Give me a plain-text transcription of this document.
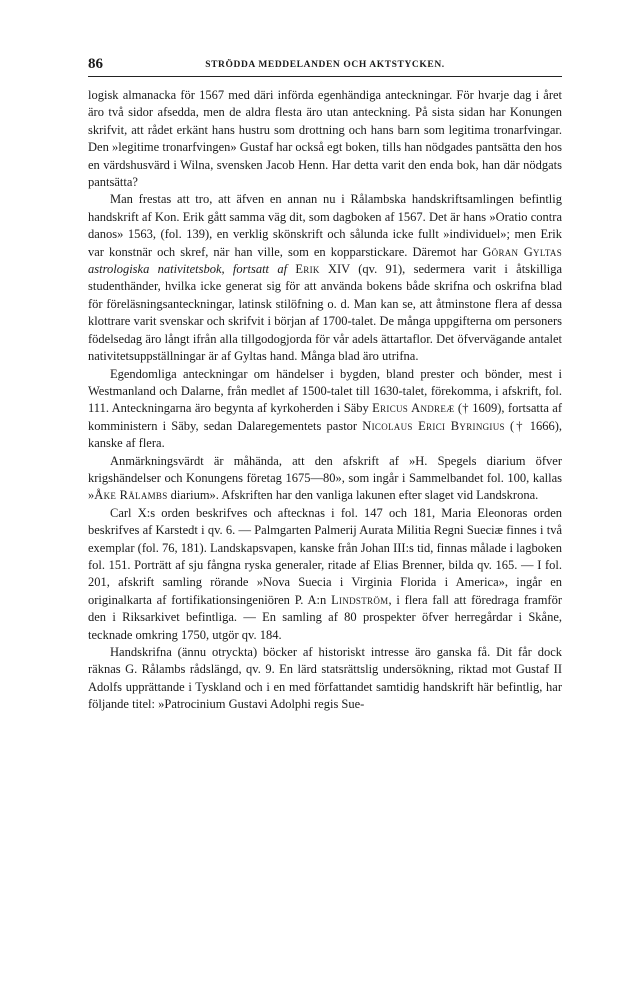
86	STRÖDDA MEDDELANDEN OCH AKTSTYCKEN.

logisk almanacka för 1567 med däri införda egenhändiga anteckningar. För hvarje dag i året äro två sidor afsedda, men de aldra flesta äro utan anteckning. På sista sidan har Konungen skrifvit, att rådet erkänt hans hustru som drottning och hans barn som legitima tronarfvingar. Den »legitime tronarfvingen» Gustaf har också egt boken, tills han nödgades pantsätta den hos en värdshusvärd i Wilna, svensken Jacob Henn. Har detta varit den enda bok, han där nödgats pantsätta?

Man frestas att tro, att äfven en annan nu i Rålambska handskriftsamlingen befintlig handskrift af Kon. Erik gått samma väg dit, som dagboken af 1567. Det är hans »Oratio contra danos» 1563, (fol. 139), en verklig skönskrift och sålunda icke fullt »individuel»; men Erik var konstnär och skref, när han ville, som en kopparstickare. Däremot har Göran Gyltas astrologiska nativitetsbok, fortsatt af Erik XIV (qv. 91), sedermera varit i åtskilliga studenthänder, hvilka icke generat sig för att använda bokens både skrifna och oskrifna blad för föreläsningsanteckningar, latinsk stilöfning o. d. Man kan se, att åtminstone flera af dessa klottrare varit svenskar och skrifvit i början af 1700-talet. De många uppgifterna om personers födelsedag äro långt ifrån alla tillgodogjorda för vår adels ättartaflor. Det öfvervägande antalet nativitetsuppställningar är af Gyltas hand. Många blad äro utrifna.

Egendomliga anteckningar om händelser i bygden, bland prester och bönder, mest i Westmanland och Dalarne, från medlet af 1500-talet till 1630-talet, förekomma, i afskrift, fol. 111. Anteckningarna äro begynta af kyrkoherden i Säby Ericus Andreæ († 1609), fortsatta af komministern i Säby, sedan Dalaregementets pastor Nicolaus Erici Byringius († 1666), kanske af flera.

Anmärkningsvärdt är måhända, att den afskrift af »H. Spegels diarium öfver krigshändelser och Konungens företag 1675—80», som ingår i Sammelbandet fol. 100, kallas »Åke Rålambs diarium». Afskriften har den vanliga lakunen efter slaget vid Landskrona.

Carl X:s orden beskrifves och aftecknas i fol. 147 och 181, Maria Eleonoras orden beskrifves af Karstedt i qv. 6. — Palmgarten Palmerij Aurata Militia Regni Sueciæ finnes i två exemplar (fol. 76, 181). Landskapsvapen, kanske från Johan III:s tid, finnas målade i lagboken fol. 151. Porträtt af sju fångna ryska generaler, ritade af Elias Brenner, bilda qv. 165. — I fol. 201, afskrift samling rörande »Nova Suecia i Virginia Florida i America», ingår en originalkarta af fortifikationsingeniören P. A:n Lindström, i flera fall att föredraga framför den i Riksarkivet befintliga. — En samling af 80 prospekter öfver herregårdar i Skåne, tecknade omkring 1750, utgör qv. 184.

Handskrifna (ännu otryckta) böcker af historiskt intresse äro ganska få. Dit får dock räknas G. Rålambs rådslängd, qv. 9. En lärd statsrättslig undersökning, riktad mot Gustaf II Adolfs upprättande i Tyskland och i en med författandet samtidig handskrift här befintlig, har följande titel: »Patrocinium Gustavi Adolphi regis Sue-
